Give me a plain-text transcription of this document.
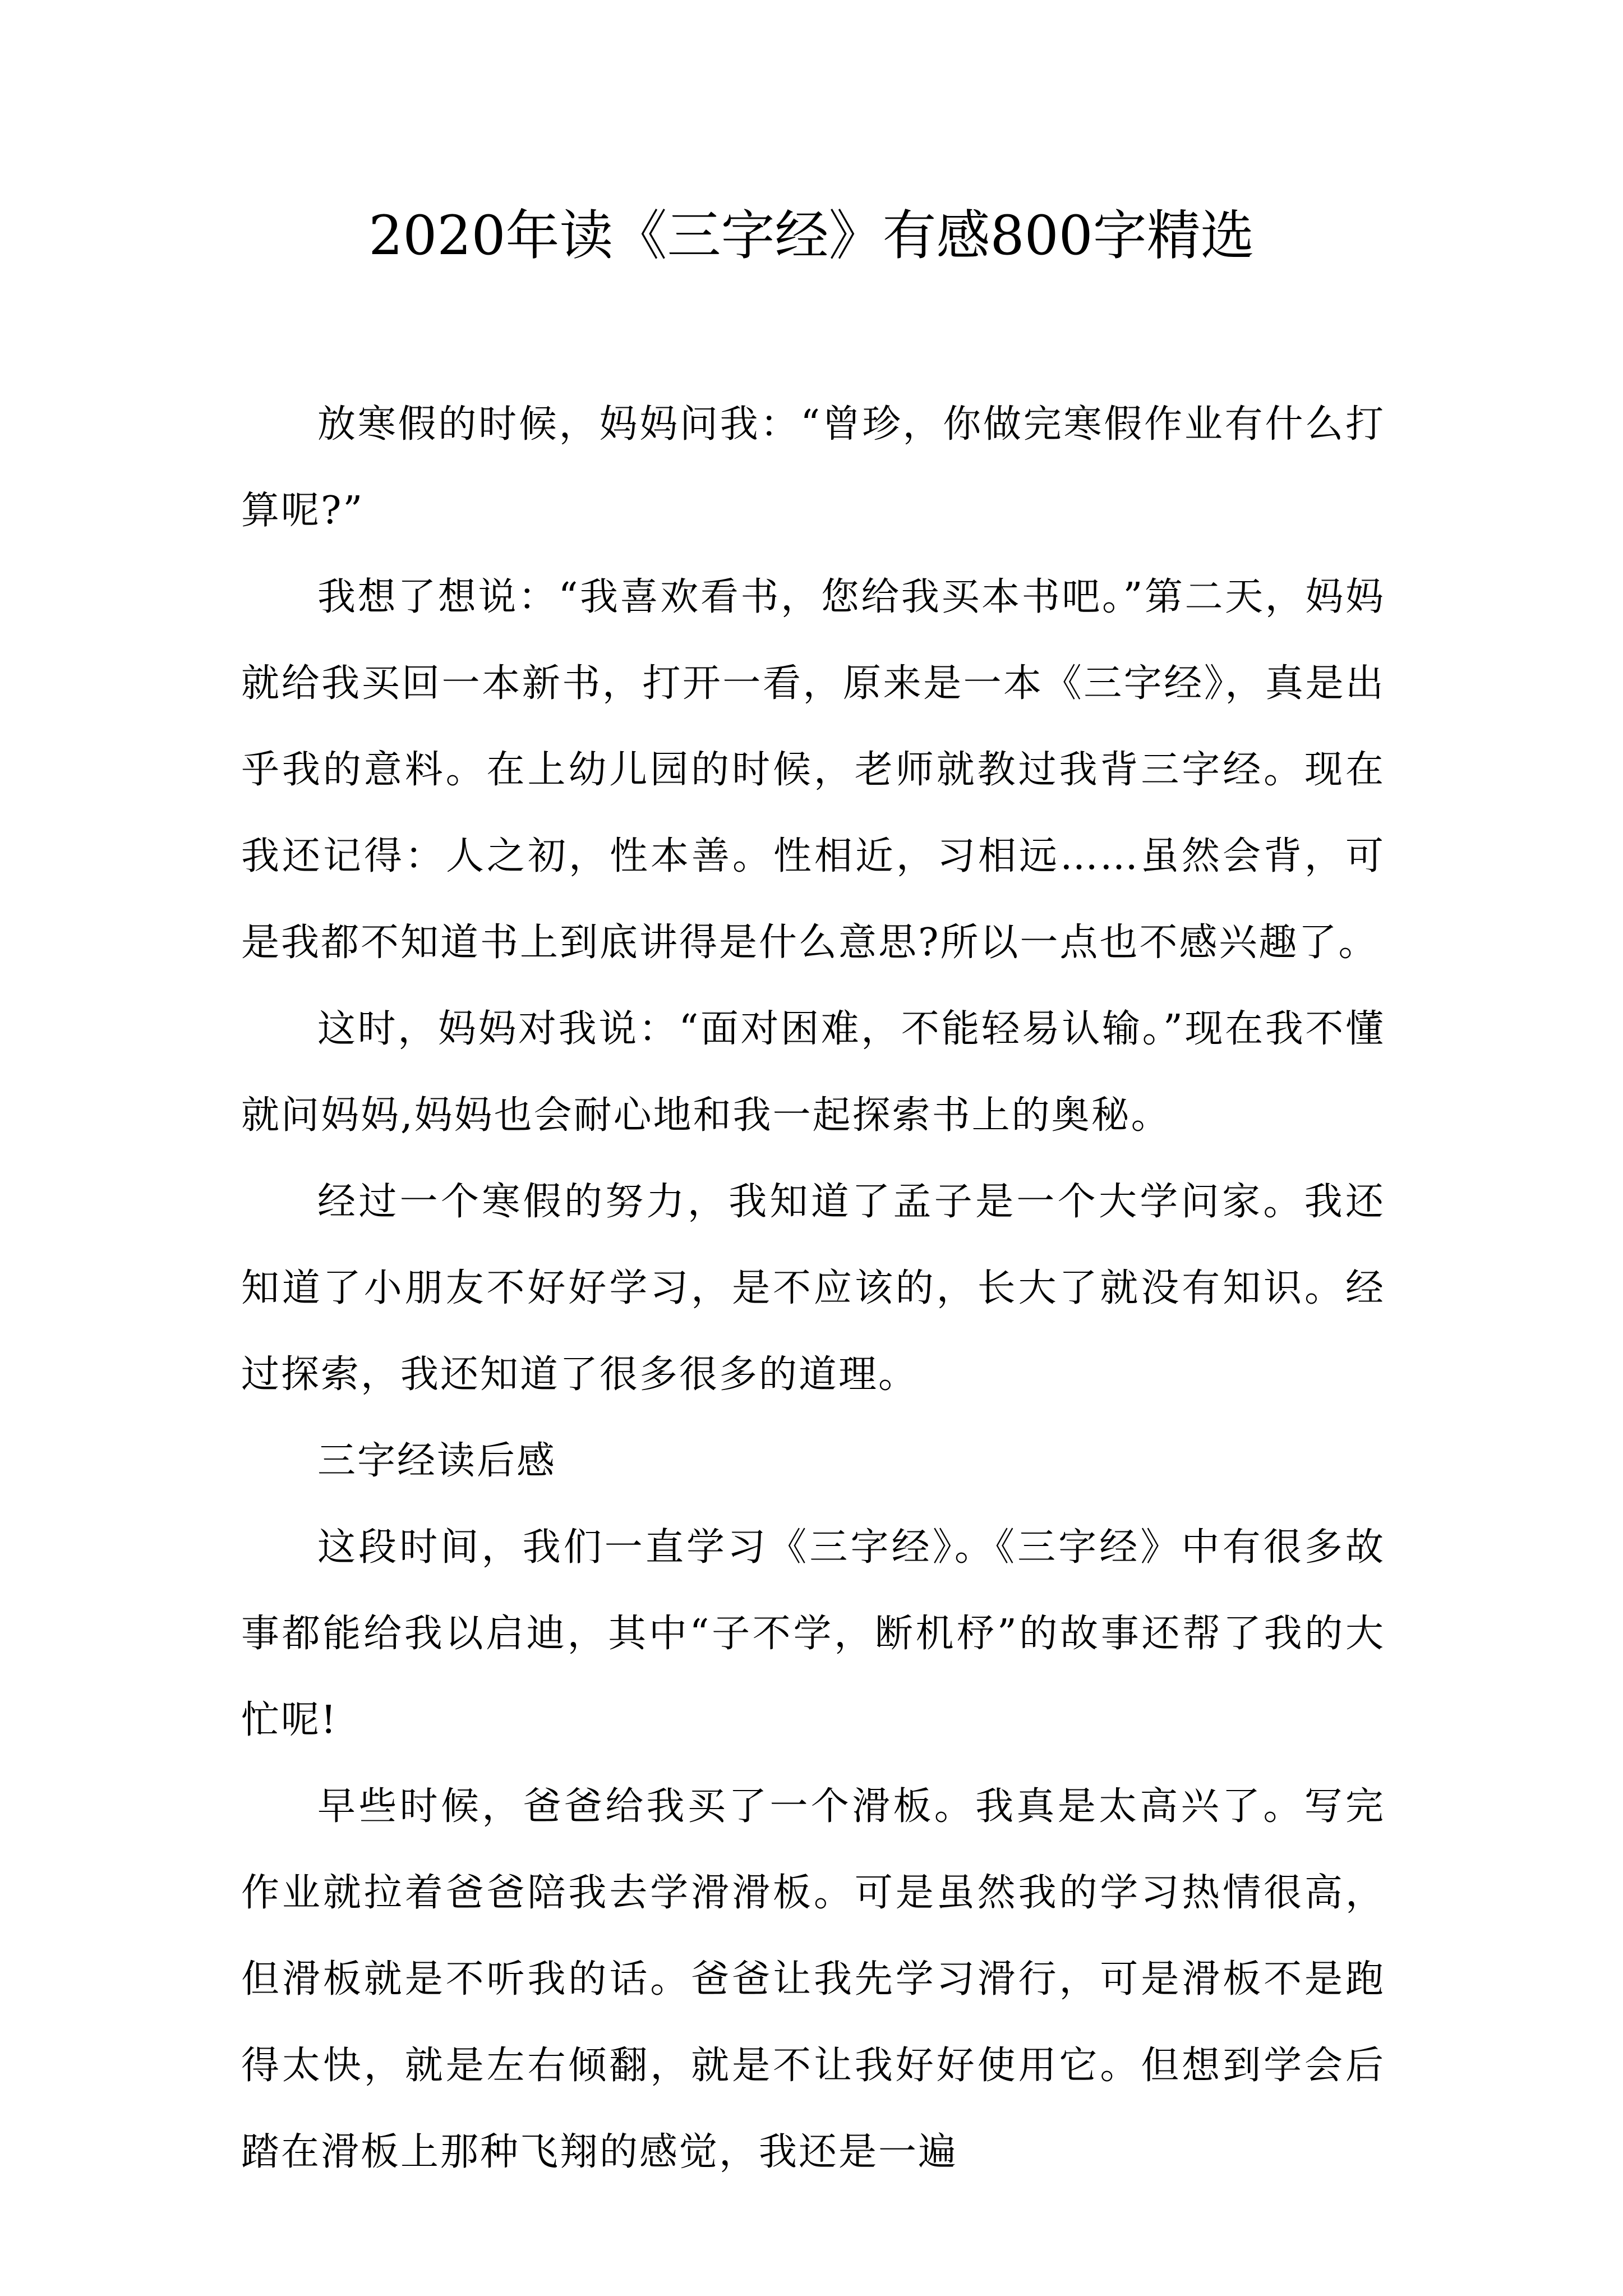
2020年读《三字经》有感800字精选

放寒假的时候，妈妈问我：“曾珍，你做完寒假作业有什么打算呢?”

我想了想说：“我喜欢看书，您给我买本书吧。”第二天，妈妈就给我买回一本新书，打开一看，原来是一本《三字经》，真是出乎我的意料。在上幼儿园的时候，老师就教过我背三字经。现在我还记得：人之初，性本善。性相近，习相远……虽然会背，可是我都不知道书上到底讲得是什么意思?所以一点也不感兴趣了。

这时，妈妈对我说：“面对困难，不能轻易认输。”现在我不懂就问妈妈,妈妈也会耐心地和我一起探索书上的奥秘。

经过一个寒假的努力，我知道了孟子是一个大学问家。我还知道了小朋友不好好学习，是不应该的，长大了就没有知识。经过探索，我还知道了很多很多的道理。

三字经读后感

这段时间，我们一直学习《三字经》。《三字经》中有很多故事都能给我以启迪，其中“子不学，断机杼”的故事还帮了我的大忙呢!

早些时候，爸爸给我买了一个滑板。我真是太高兴了。写完作业就拉着爸爸陪我去学滑滑板。可是虽然我的学习热情很高，但滑板就是不听我的话。爸爸让我先学习滑行，可是滑板不是跑得太快，就是左右倾翻，就是不让我好好使用它。但想到学会后踏在滑板上那种飞翔的感觉，我还是一遍
